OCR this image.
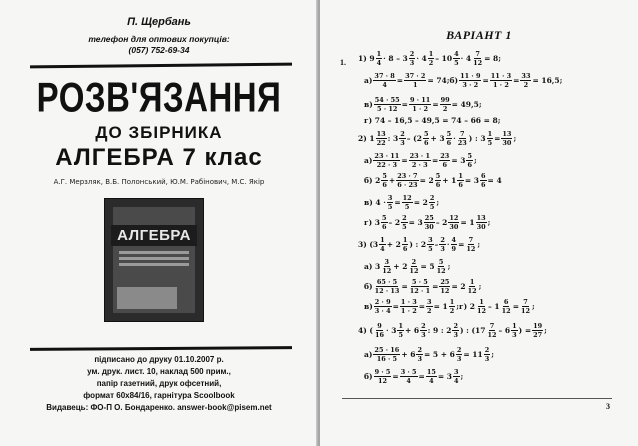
П. Щербань
телефон для оптових покупців:
(057) 752-69-34
РОЗВ'ЯЗАННЯ
ДО ЗБІРНИКА
АЛГЕБРА 7 клас
А.Г. Мерзляк, В.Б. Полонський, Ю.М. Рабінович, М.С. Якір
АЛГЕБРА
підписано до друку 01.10.2007 р.
ум. друк. лист. 10, наклад 500 прим.,
папір газетний, друк офсетний,
формат 60х84/16, гарнітура Scoolbook
Видавець: ФО-П О. Бондаренко. answer-book@pisem.net
ВАРІАНТ 1
1. 1) $9 \frac{1}{4} \cdot 8 - 3 \frac{2}{3} \cdot 4 \frac{1}{2} - 10 \frac{4}{5} \cdot 4 \frac{7}{12} = 8$;
$а) \frac{37 \cdot 8}{4} = \frac{37 \cdot 2}{1} = 74$; $б) \frac{11 \cdot 9}{3 \cdot 2} = \frac{11 \cdot 3}{1 \cdot 2} = \frac{33}{2} = 16,5$;
$в) \frac{54 \cdot 55}{5 \cdot 12} = \frac{9 \cdot 11}{1 \cdot 2} = \frac{99}{2} = 49,5$;
г) 74 – 16,5 – 49,5 = 74 – 66 = 8;
2) $1 \frac{13}{22}$ : $3 \frac{2}{3} - (2 \frac{5}{6} + 3 \frac{5}{6} \cdot \frac{7}{23}$ ) : $3 \frac{1}{5} = \frac{13}{30}$ ;
$а) \frac{23 \cdot 11}{22 \cdot 3} = \frac{23 \cdot 1}{2 \cdot 3} = \frac{23}{6} = 3 \frac{5}{6}$ ;
б) $2 \frac{5}{6} + \frac{23 \cdot 7}{6 \cdot 23} = 2 \frac{5}{6} + 1 \frac{1}{6} = 3 \frac{6}{6} = 4$
в) $4 \cdot \frac{3}{5} = \frac{12}{5} = 2 \frac{2}{5}$ ;
г) $3 \frac{5}{6} - 2 \frac{2}{5} = 3 \frac{25}{30} - 2 \frac{12}{30} = 1 \frac{13}{30}$ ;
3) ($3 \frac{1}{4} + 2 \frac{1}{6}$ ) : $2 \frac{3}{5} - \frac{2}{3} \cdot \frac{4}{9} = \frac{7}{12}$ ;
а) $3 \frac{3}{12} + 2 \frac{2}{12} = 5 \frac{5}{12}$ ;
$б) \frac{65 \cdot 5}{12 \cdot 13} = \frac{5 \cdot 5}{12 \cdot 1} = \frac{25}{12} = 2 \frac{1}{12}$ ;
$в) \frac{2 \cdot 9}{3 \cdot 4} = \frac{1 \cdot 3}{1 \cdot 2} = \frac{3}{2} = 1 \frac{1}{2}$ ; г) $2 \frac{1}{12} - 1 \frac{6}{12} = \frac{7}{12}$ ;
4) ( $\frac{9}{16} \cdot 3 \frac{1}{5} + 6 \frac{2}{3}$ : 9 : $2 \frac{2}{3}$ ) : ($17 \frac{7}{12} - 6 \frac{1}{3}$ ) = $\frac{19}{27}$ ;
$а) \frac{25 \cdot 16}{16 \cdot 5} + 6 \frac{2}{3} = 5 + 6 \frac{2}{3} = 11 \frac{2}{3}$ ;
$б) \frac{9 \cdot 5}{12} = \frac{3 \cdot 5}{4} = \frac{15}{4} = 3 \frac{3}{4}$ ;
3
